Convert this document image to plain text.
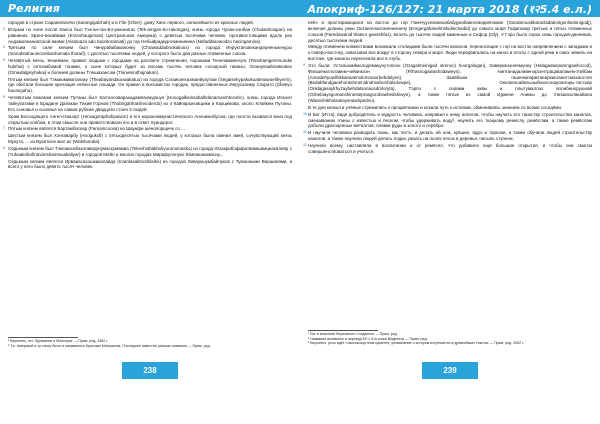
Религия

городов в стране Саранигаличи (Sarangigalchah) и в Гбе (Ghier), дому Ханс первого, сильнейшего из красных людей.

3 Вторым по силе после Ханса был Тэк-ан-ган-Бо-раконигас (Tek-amgan-bo-rakongas), князь города Чулан-кэнбан (Chulanitclapan) на равнинах Эрзео-вокаймам (Erzeohaugimais) Центральная Америка) с девятью тысячами человек, противостоящими вдоль рек Андамоянаниатской ваями (Alastoaza ado haoritoramiati) до гор Небыйрадкурочмининина (Nefaddwiowodzo hacingamina).

4 Третьим по силе князем был Чинурайабаканонку (Chrawaddabnokalionx) из города Инруктанзанкандеряенькенуры (Inarodstahaonicionbanhamala thotarl), с десятью тысячами людей, у которого было два разных племенных союза.

5 Четвёртый князь, Кенияман, правил людьми с городами на рассвете стремления, пороками Тенеламменгуга (Tenehamgemmundw hulirhai) с ситиэмбомой тонами, о сыне которых будет за восемь тысячь человек соседской гаваны, Осмоуязайлаяковон (Omwdalgisyhakai) и богиней долины Тлешахансом (Tlonwsindhajnakan).

Пятым князем был Тэмаюмиватанаку (Theabayandauuwakatuu) из города Сэгаисинхаэманйуаутам (Segaisehypakukuatenawoelihyerm), где обитали большие кричащие небесные лошади. Он правил в восьмистах городах, предоставленных Иерусалиму Сократо (Sfoteyo hacangahu).

6 Четвёртым вожаком князем Путаны был Хаггалоэварахадампанмуршун (Hooogalkeinsabalhdanamarshtecahc), князь города Иганоп тайнухатами в Брадане Далакаи Тихий Горном (Thubngahhanlinsoderdo) из 4 Кайпарыновщики и Кауцимова, около Клойкем Путаны. Его сыновья и сыновья на самом рубеже двадцати стоен 3 людей.

Храм Восходящего Ангел-Нашорт (Hmsagoraphahpaiwor) и его морокоммунистического Анонимобусом, где полсти вызвался вниз под открытым хлебом, в этом смысле они приветствовали его и в ответ Хуандерот.

7 Пятым князем являлся Бартамбаскар (Pamamcoosa) из Шаунфи шенопорщичк со ...

Шестым князем был Хэнгаварбу (Hoogukoll) с пятьюдесятью тысячами людей, у которых была свиная змей, сочувствующий князь Мукута, ... из Вуаптиле жил их (Walshuruka).

8 Седьмым князем был Тэкешисибахолиюрунумаскумамиа (Tekeshisbakholiyurunumasku) из города Юхакрибофиратвимшамцеакалияр с (Yuhaakribofiratvimshamtsuakaliyar) и городов Мейн и многих городах Мирафулонуко Юмеакакомасиу...

Седьмым князем являлся Ирваиасахошкикалайда (Irvanlasakhoshilaibe) из городов Ливаукшумбайчуков с Туманными Вершинами, а всего у него было девять тысяч человек.

¹ Вероятно, это Лурикания и Монсерат — Прим. ред. 1982 г.
² Т.е. Америкой в ту эпоху было и называлось Красным Материком. Последнее известно раньше названия — Прим. ред.
238
Апокриф-126/127: 21 марта 2018 (१२5.4 е.л.)

ней» и простирающихся на восток до гор Ганичуусекнаноабабдукабам-кеандияпоман (Gandarousbkaracladaborigonlindonigodj), включая долины реки Онтангелантаненекничу (Enrgergahanelmshidiechedid) до самого моря Гофиганар третьих и пятых племенных союзов (Paredawanid thatsor gawrehfus), вплоть до тысячи людей каменные и Сифор (Oly). У Гэро было сорок семь городов-данников, десятью тысячами людей.

Между племенем княжествами возникали столицами были тысячи каналов, переносящие с гор на восток напрявлением с западами и к северо-востоку, охватывая все вокруг в сторону севера и моря. Люди передвигались на каноэ и плоты с одной реки в сиюх земель на востоке, где каналы пересекали все в глубь.

9 Это были: Устальюаймолодямакунутопоэн (Ozagalmeinigad olrenxo) hoorgalogan), Хаверканэнлемунну (Halagadaepamngawhocod), Филшенаглотавем-чейанкоэн (Filhasnogawashodaweyn), Амптанидаливенорсентрацавалакем-Уэйбам (Amwdehyowlhikkanasemdcmmaorbebdelyen), Заайбаом гашенмпармтаеаркингаеитсмахаостен (Bedabfandgaeehorashmenidnahsahunhalsdowpe), Онклигасайклызыбехатонаусмлоры-тасскар (Onklagasaylrhyzaybehdatsonausdmloryta), Тэрпо с серами аквы и плытумаллах волибинорушнай (Ozbebiaysgomanshinesteprasgorobswhedshiwyn), а также пятые из самой Иджени Анимы до Уаншихолакайана (Waanshikholaukaysnawhpedno).

В те дни князья и учёные стремились к процветанию и искали путь к истинам, обмениваясь знанием со всеми соседями.

10 И Бог (Итта), видя добродетель и мудрость человека, направил к нему ангелов, чтобы научить его таинству строительства каналов, смешиванию глины с известью и песком, чтобы удерживать воду³, научить его ткацкому ремеслу, ремёслам, а также ремёслам добычи драгоценных металлов, плавки руды в золото и серебро.

11 И научили человека разводить ткань, как тесть, и делать ей нож, кувшин, ядро и тарелки, а также обучили людей строительству каналов, а также научили людей делать лодки, резать на полях песок и деревья, насыпь ступени.

12 Научили всему, наставляли в воспитании и от ремёсел, что добавило ещё большие открытия, и чтобы они смогли совершенствоваться и учиться.

¹ Бог в значении Верховного Создателя — Прим. ред.
² Названия включены в перевод ЕЛ с 9-ю книги Виднеета — Прим. ред.
³ Вероятно, речь идёт о высокосортном цементе, упоминание о котором встречается в древнейших текстах — Прим. ред. 2002 г.
239
